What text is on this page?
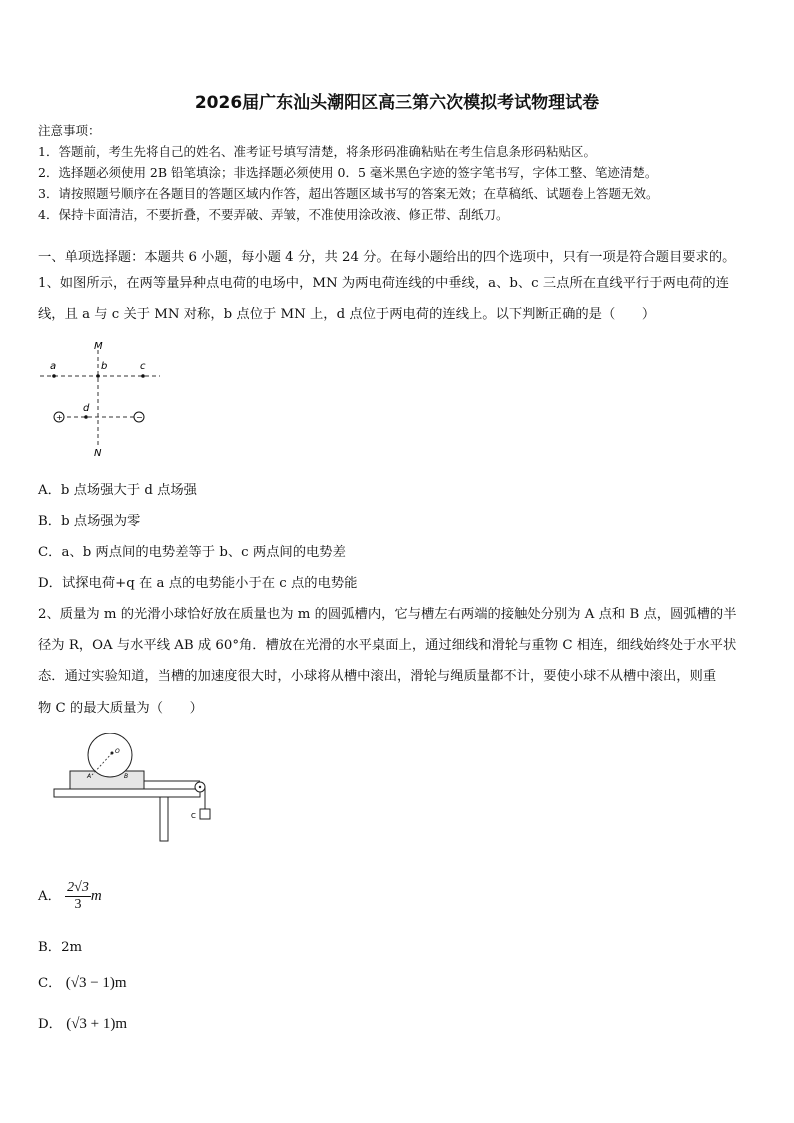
2026届广东汕头潮阳区高三第六次模拟考试物理试卷
注意事项：
1．答题前，考生先将自己的姓名、准考证号填写清楚，将条形码准确粘贴在考生信息条形码粘贴区。
2．选择题必须使用 2B 铅笔填涂；非选择题必须使用 0．5 毫米黑色字迹的签字笔书写，字体工整、笔迹清楚。
3．请按照题号顺序在各题目的答题区域内作答，超出答题区域书写的答案无效；在草稿纸、试题卷上答题无效。
4．保持卡面清洁，不要折叠，不要弄破、弄皱，不准使用涂改液、修正带、刮纸刀。
一、单项选择题：本题共 6 小题，每小题 4 分，共 24 分。在每小题给出的四个选项中，只有一项是符合题目要求的。
1、如图所示，在两等量异种点电荷的电场中，MN 为两电荷连线的中垂线，a、b、c 三点所在直线平行于两电荷的连
线，且 a 与 c 关于 MN 对称，b 点位于 MN 上，d 点位于两电荷的连线上。以下判断正确的是（　　）
M
N
a	b	c
d
+	−
A．b 点场强大于 d 点场强
B．b 点场强为零
C．a、b 两点间的电势差等于 b、c 两点间的电势差
D．试探电荷+q 在 a 点的电势能小于在 c 点的电势能
2、质量为 m 的光滑小球恰好放在质量也为 m 的圆弧槽内，它与槽左右两端的接触处分别为 A 点和 B 点，圆弧槽的半
径为 R，OA 与水平线 AB 成 60°角．槽放在光滑的水平桌面上，通过细线和滑轮与重物 C 相连，细线始终处于水平状
态．通过实验知道，当槽的加速度很大时，小球将从槽中滚出，滑轮与绳质量都不计，要使小球不从槽中滚出，则重
物 C 的最大质量为（　　）
O
A	B
C
A． $\frac{2√3}{3}$ m
B．2m
C． (√3 − 1)m
D． (√3 + 1)m
